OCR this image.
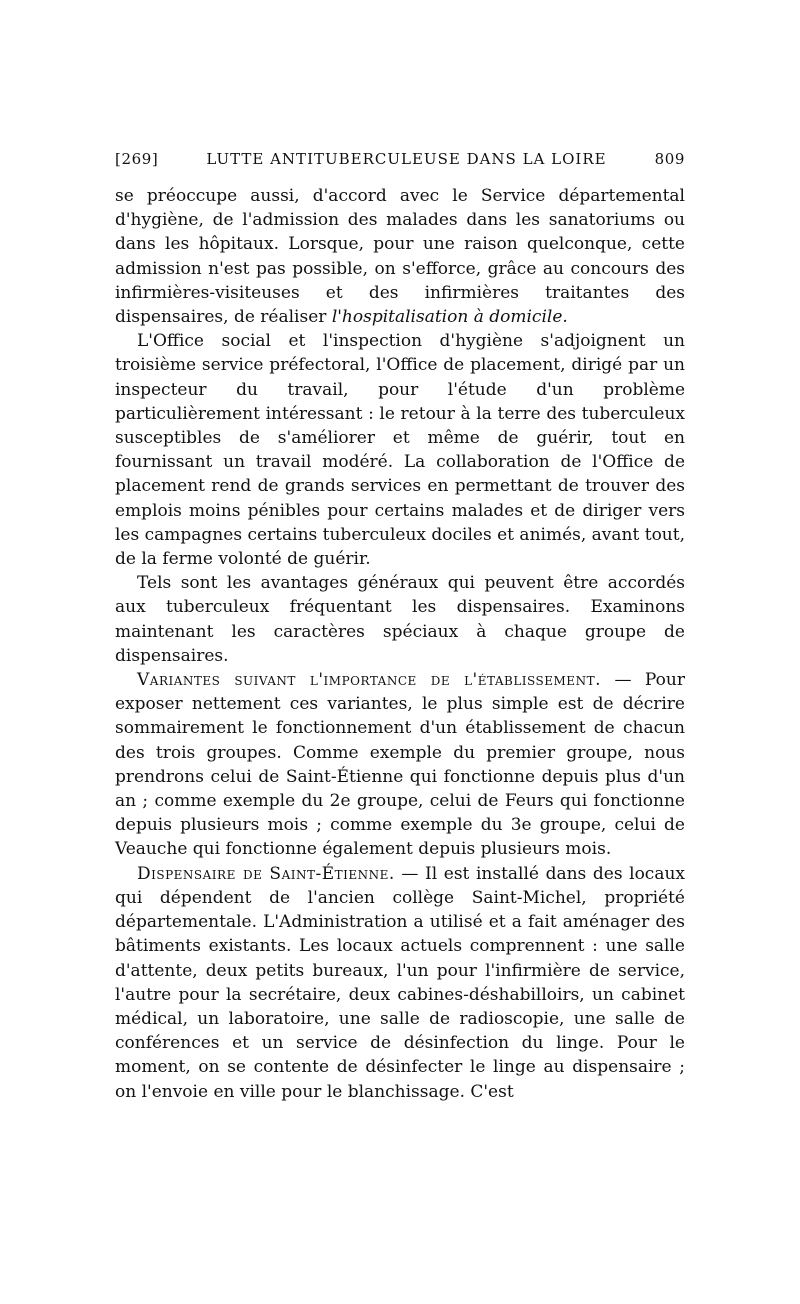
[269]	LUTTE ANTITUBERCULEUSE DANS LA LOIRE	809

se préoccupe aussi, d'accord avec le Service départemental d'hygiène, de l'admission des malades dans les sanatoriums ou dans les hôpitaux. Lorsque, pour une raison quelconque, cette admission n'est pas possible, on s'efforce, grâce au concours des infirmières-visiteuses et des infirmières traitantes des dispensaires, de réaliser l'hospitalisation à domicile.

L'Office social et l'inspection d'hygiène s'adjoignent un troisième service préfectoral, l'Office de placement, dirigé par un inspecteur du travail, pour l'étude d'un problème particulièrement intéressant : le retour à la terre des tuberculeux susceptibles de s'améliorer et même de guérir, tout en fournissant un travail modéré. La collaboration de l'Office de placement rend de grands services en permettant de trouver des emplois moins pénibles pour certains malades et de diriger vers les campagnes certains tuberculeux dociles et animés, avant tout, de la ferme volonté de guérir.

Tels sont les avantages généraux qui peuvent être accordés aux tuberculeux fréquentant les dispensaires. Examinons maintenant les caractères spéciaux à chaque groupe de dispensaires.

Variantes suivant l'importance de l'établissement. — Pour exposer nettement ces variantes, le plus simple est de décrire sommairement le fonctionnement d'un établissement de chacun des trois groupes. Comme exemple du premier groupe, nous prendrons celui de Saint-Étienne qui fonctionne depuis plus d'un an ; comme exemple du 2e groupe, celui de Feurs qui fonctionne depuis plusieurs mois ; comme exemple du 3e groupe, celui de Veauche qui fonctionne également depuis plusieurs mois.

Dispensaire de Saint-Étienne. — Il est installé dans des locaux qui dépendent de l'ancien collège Saint-Michel, propriété départementale. L'Administration a utilisé et a fait aménager des bâtiments existants. Les locaux actuels comprennent : une salle d'attente, deux petits bureaux, l'un pour l'infirmière de service, l'autre pour la secrétaire, deux cabines-déshabilloirs, un cabinet médical, un laboratoire, une salle de radioscopie, une salle de conférences et un service de désinfection du linge. Pour le moment, on se contente de désinfecter le linge au dispensaire ; on l'envoie en ville pour le blanchissage. C'est
